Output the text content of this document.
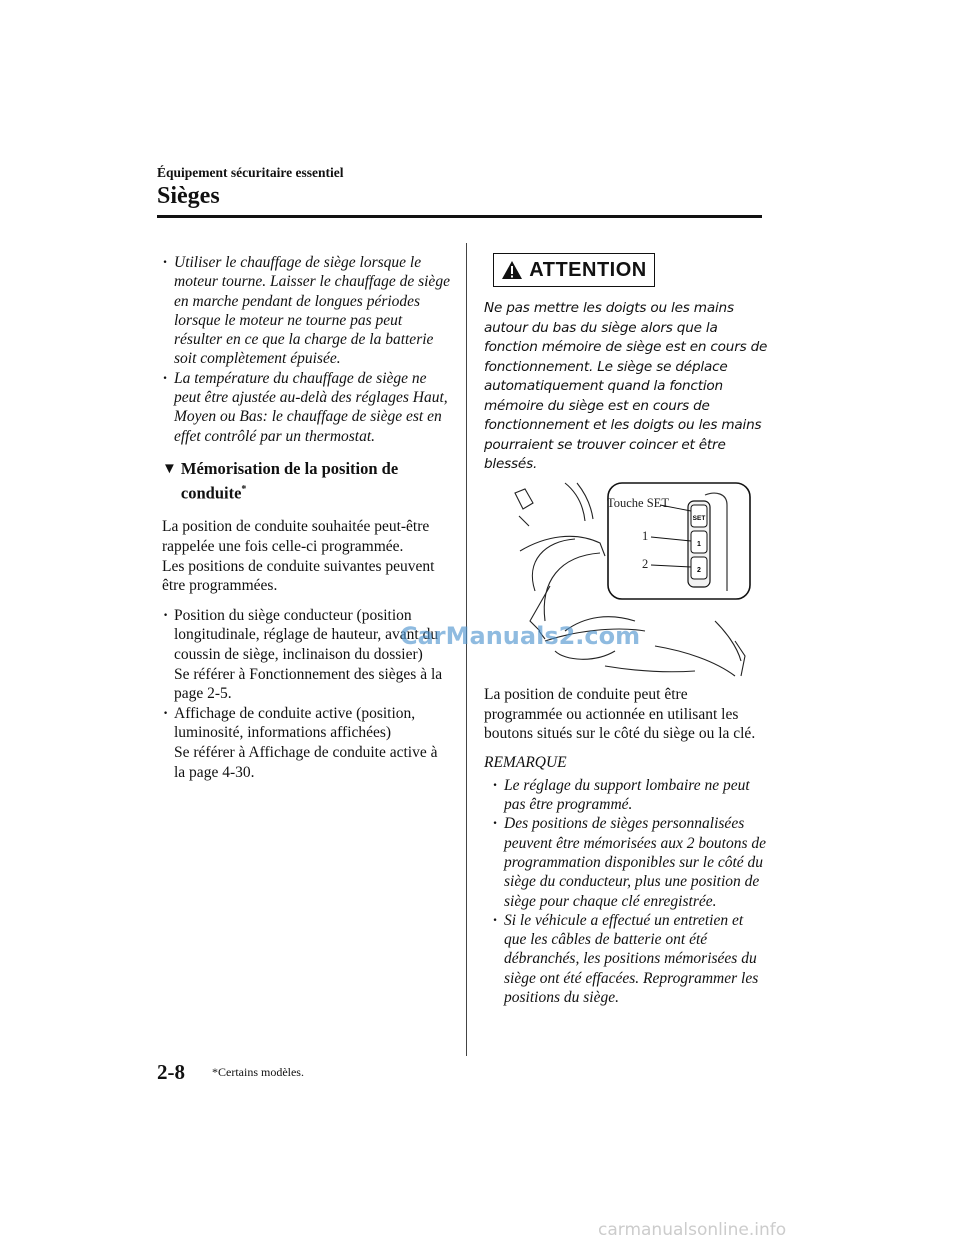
Équipement sécuritaire essentiel
Sièges
· Utiliser le chauffage de siège lorsque le moteur tourne. Laisser le chauffage de siège en marche pendant de longues périodes lorsque le moteur ne tourne pas peut résulter en ce que la charge de la batterie soit complètement épuisée.
· La température du chauffage de siège ne peut être ajustée au-delà des réglages Haut, Moyen ou Bas: le chauffage de siège est en effet contrôlé par un thermostat.
▼ Mémorisation de la position de conduite*
La position de conduite souhaitée peut-être rappelée une fois celle-ci programmée.
Les positions de conduite suivantes peuvent être programmées.
· Position du siège conducteur (position longitudinale, réglage de hauteur, avant du coussin de siège, inclinaison du dossier)
Se référer à Fonctionnement des sièges à la page 2-5.
· Affichage de conduite active (position, luminosité, informations affichées)
Se référer à Affichage de conduite active à la page 4-30.
ATTENTION
Ne pas mettre les doigts ou les mains autour du bas du siège alors que la fonction mémoire de siège est en cours de fonctionnement. Le siège se déplace automatiquement quand la fonction mémoire du siège est en cours de fonctionnement et les doigts ou les mains pourraient se trouver coincer et être blessés.
SET
1
2
Touche SET
1
2
La position de conduite peut être programmée ou actionnée en utilisant les boutons situés sur le côté du siège ou la clé.
REMARQUE
· Le réglage du support lombaire ne peut pas être programmé.
· Des positions de sièges personnalisées peuvent être mémorisées aux 2 boutons de programmation disponibles sur le côté du siège du conducteur, plus une position de siège pour chaque clé enregistrée.
· Si le véhicule a effectué un entretien et que les câbles de batterie ont été débranchés, les positions mémorisées du siège ont été effacées. Reprogrammer les positions du siège.
2-8 *Certains modèles.
CarManuals2.com
carmanualsonline.info
